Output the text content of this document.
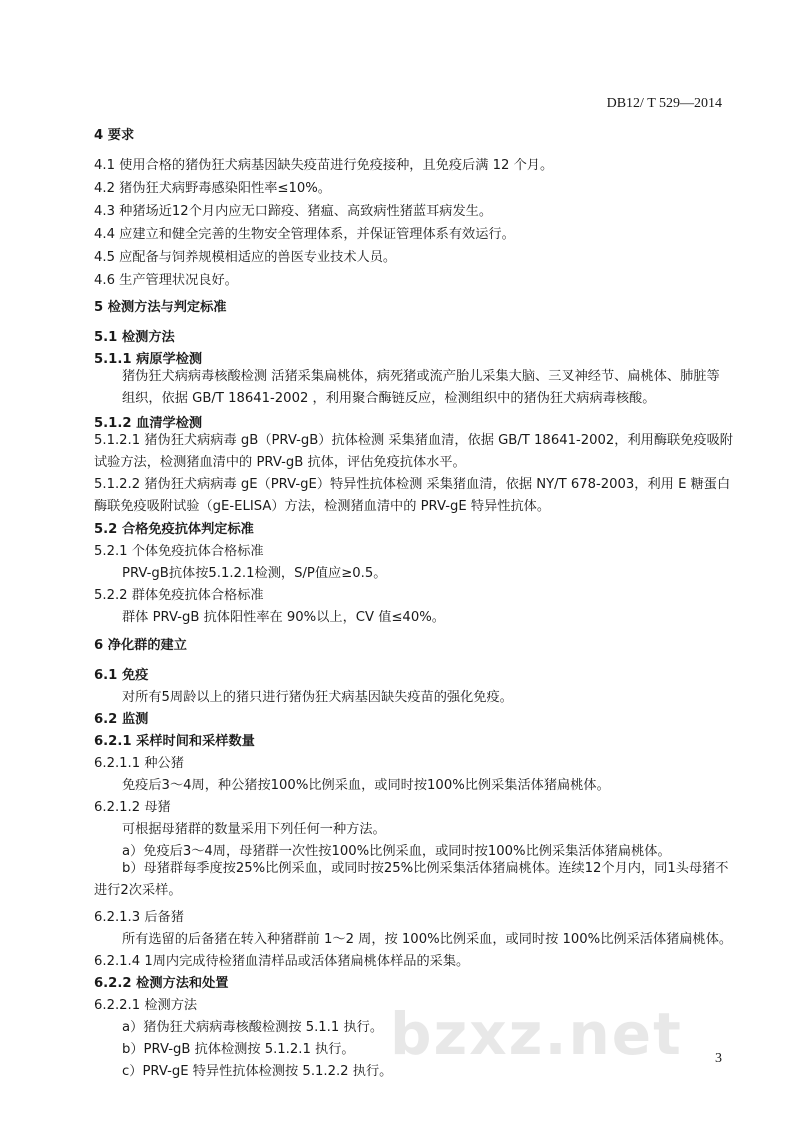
DB12/ T 529—2014
4 要求
4.1 使用合格的猪伪狂犬病基因缺失疫苗进行免疫接种，且免疫后满 12 个月。
4.2 猪伪狂犬病野毒感染阳性率≤10%。
4.3 种猪场近12个月内应无口蹄疫、猪瘟、高致病性猪蓝耳病发生。
4.4 应建立和健全完善的生物安全管理体系，并保证管理体系有效运行。
4.5 应配备与饲养规模相适应的兽医专业技术人员。
4.6 生产管理状况良好。
5 检测方法与判定标准
5.1 检测方法
5.1.1 病原学检测
猪伪狂犬病病毒核酸检测 活猪采集扁桃体，病死猪或流产胎儿采集大脑、三叉神经节、扁桃体、肺脏等组织，依据 GB/T 18641-2002 ，利用聚合酶链反应，检测组织中的猪伪狂犬病病毒核酸。
5.1.2 血清学检测
5.1.2.1 猪伪狂犬病病毒 gB（PRV-gB）抗体检测 采集猪血清，依据 GB/T 18641-2002，利用酶联免疫吸附试验方法，检测猪血清中的 PRV-gB 抗体，评估免疫抗体水平。
5.1.2.2 猪伪狂犬病病毒 gE（PRV-gE）特异性抗体检测 采集猪血清，依据 NY/T 678-2003，利用 E 糖蛋白酶联免疫吸附试验（gE-ELISA）方法，检测猪血清中的 PRV-gE 特异性抗体。
5.2 合格免疫抗体判定标准
5.2.1 个体免疫抗体合格标准
PRV-gB抗体按5.1.2.1检测，S/P值应≥0.5。
5.2.2 群体免疫抗体合格标准
群体 PRV-gB 抗体阳性率在 90%以上，CV 值≤40%。
6 净化群的建立
6.1 免疫
对所有5周龄以上的猪只进行猪伪狂犬病基因缺失疫苗的强化免疫。
6.2 监测
6.2.1 采样时间和采样数量
6.2.1.1 种公猪
免疫后3～4周，种公猪按100%比例采血，或同时按100%比例采集活体猪扁桃体。
6.2.1.2 母猪
可根据母猪群的数量采用下列任何一种方法。
a）免疫后3～4周，母猪群一次性按100%比例采血，或同时按100%比例采集活体猪扁桃体。
b）母猪群每季度按25%比例采血，或同时按25%比例采集活体猪扁桃体。连续12个月内，同1头母猪不进行2次采样。
6.2.1.3 后备猪
所有选留的后备猪在转入种猪群前 1～2 周，按 100%比例采血，或同时按 100%比例采活体猪扁桃体。
6.2.1.4 1周内完成待检猪血清样品或活体猪扁桃体样品的采集。
6.2.2 检测方法和处置
6.2.2.1 检测方法
a）猪伪狂犬病病毒核酸检测按 5.1.1 执行。
b）PRV-gB 抗体检测按 5.1.2.1 执行。
c）PRV-gE 特异性抗体检测按 5.1.2.2 执行。
bzxz.net 3
